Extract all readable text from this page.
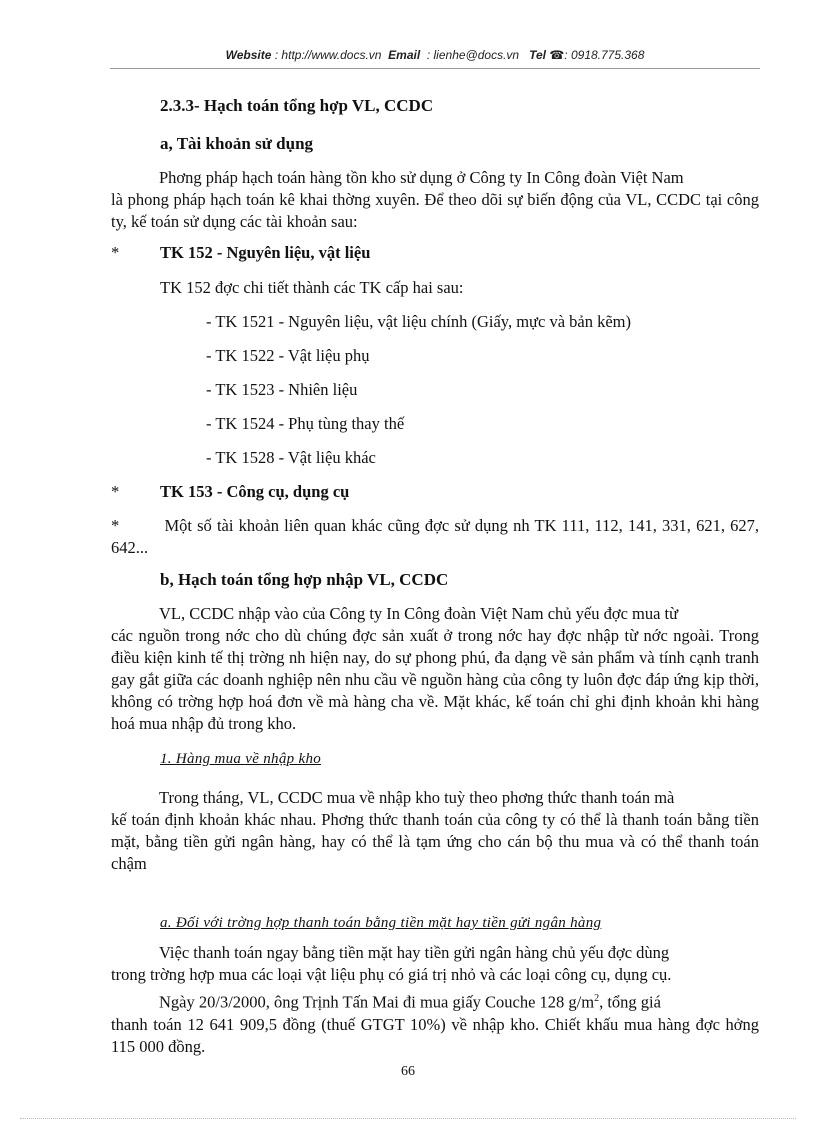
Website : http://www.docs.vn Email : lienhe@docs.vn Tel ☎: 0918.775.368
2.3.3- Hạch toán tổng hợp VL, CCDC
a, Tài khoản sử dụng
Phơng pháp hạch toán hàng tồn kho sử dụng ở Công ty In Công đoàn Việt Nam
là phong pháp hạch toán kê khai thờng xuyên. Để theo dõi sự biến động của VL, CCDC tại công ty, kế toán sử dụng các tài khoản sau:
* TK 152 - Nguyên liệu, vật liệu
TK 152 đợc chi tiết thành các TK cấp hai sau:
- TK 1521 - Nguyên liệu, vật liệu chính (Giấy, mực và bản kẽm)
- TK 1522 - Vật liệu phụ
- TK 1523 - Nhiên liệu
- TK 1524 - Phụ tùng thay thế
- TK 1528 - Vật liệu khác
* TK 153 - Công cụ, dụng cụ
*	Một số tài khoản liên quan khác cũng đợc sử dụng nh TK 111, 112, 141, 331, 621, 627, 642...
b, Hạch toán tổng hợp nhập VL, CCDC
VL, CCDC nhập vào của Công ty In Công đoàn Việt Nam chủ yếu đợc mua từ
các nguồn trong nớc cho dù chúng đợc sản xuất ở trong nớc hay đợc nhập từ nớc ngoài. Trong điều kiện kinh tế thị trờng nh hiện nay, do sự phong phú, đa dạng về sản phẩm và tính cạnh tranh gay gắt giữa các doanh nghiệp nên nhu cầu về nguồn hàng của công ty luôn đợc đáp ứng kịp thời, không có trờng hợp hoá đơn về mà hàng cha về. Mặt khác, kế toán chỉ ghi định khoản khi hàng hoá mua nhập đủ trong kho.
1. Hàng mua về nhập kho
Trong tháng, VL, CCDC mua về nhập kho tuỳ theo phơng thức thanh toán mà
kế toán định khoản khác nhau. Phơng thức thanh toán của công ty có thể là thanh toán bằng tiền mặt, bằng tiền gửi ngân hàng, hay có thể là tạm ứng cho cán bộ thu mua và có thể thanh toán chậm
a. Đối với trờng hợp thanh toán bằng tiền mặt hay tiền gửi ngân hàng
Việc thanh toán ngay bằng tiền mặt hay tiền gửi ngân hàng chủ yếu đợc dùng
trong trờng hợp mua các loại vật liệu phụ có giá trị nhỏ và các loại công cụ, dụng cụ.
Ngày 20/3/2000, ông Trịnh Tấn Mai đi mua giấy Couche 128 $g/m^2$, tổng giá
thanh toán 12 641 909,5 đồng (thuế GTGT 10%) về nhập kho. Chiết khấu mua hàng đợc hởng 115 000 đồng.
66
